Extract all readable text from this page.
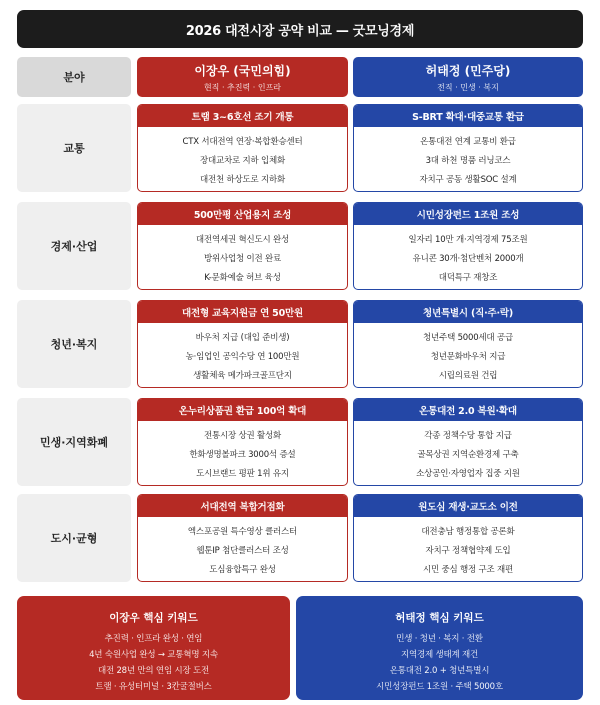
2026 대전시장 공약 비교 — 굿모닝경제
분야	이장우 (국민의힘)
현직 · 추진력 · 인프라
허태정 (민주당)
전직 · 민생 · 복지
교통
트램 3~6호선 조기 개통
CTX 서대전역 연장·복합환승센터
장대교차로 지하 입체화
대전천 하상도로 지하화
S-BRT 확대·대중교통 환급
온통대전 연계 교통비 환급
3대 하천 명품 러닝코스
자치구 공동 생활SOC 설계
경제·산업
500만평 산업용지 조성
대전역세권 혁신도시 완성
방위사업청 이전 완료
K-문화예술 허브 육성
시민성장펀드 1조원 조성
일자리 10만 개·지역경제 75조원
유니콘 30개·첨단벤처 2000개
대덕특구 재창조
청년·복지
대전형 교육지원금 연 50만원
바우처 지급 (대입 준비생)
농·임업인 공익수당 연 100만원
생활체육 메가파크골프단지
청년특별시 (직·주·락)
청년주택 5000세대 공급
청년문화바우처 지급
시립의료원 건립
민생·지역화폐
온누리상품권 환급 100억 확대
전통시장 상권 활성화
한화생명볼파크 3000석 증설
도시브랜드 평판 1위 유지
온통대전 2.0 복원·확대
각종 정책수당 통합 지급
골목상권 지역순환경제 구축
소상공인·자영업자 집중 지원
도시·균형
서대전역 복합거점화
엑스포공원 특수영상 클러스터
웹툰IP 첨단클러스터 조성
도심융합특구 완성
원도심 재생·교도소 이전
대전충남 행정통합 공론화
자치구 정책협약제 도입
시민 중심 행정 구조 재편
이장우 핵심 키워드
추진력 · 인프라 완성 · 연임
4년 숙원사업 완성 → 교통혁명 지속
대전 28년 만의 연임 시장 도전
트램 · 유성터미널 · 3칸굴절버스
허태정 핵심 키워드
민생 · 청년 · 복지 · 전환
지역경제 생태계 재건
온통대전 2.0 + 청년특별시
시민성장펀드 1조원 · 주택 5000호
